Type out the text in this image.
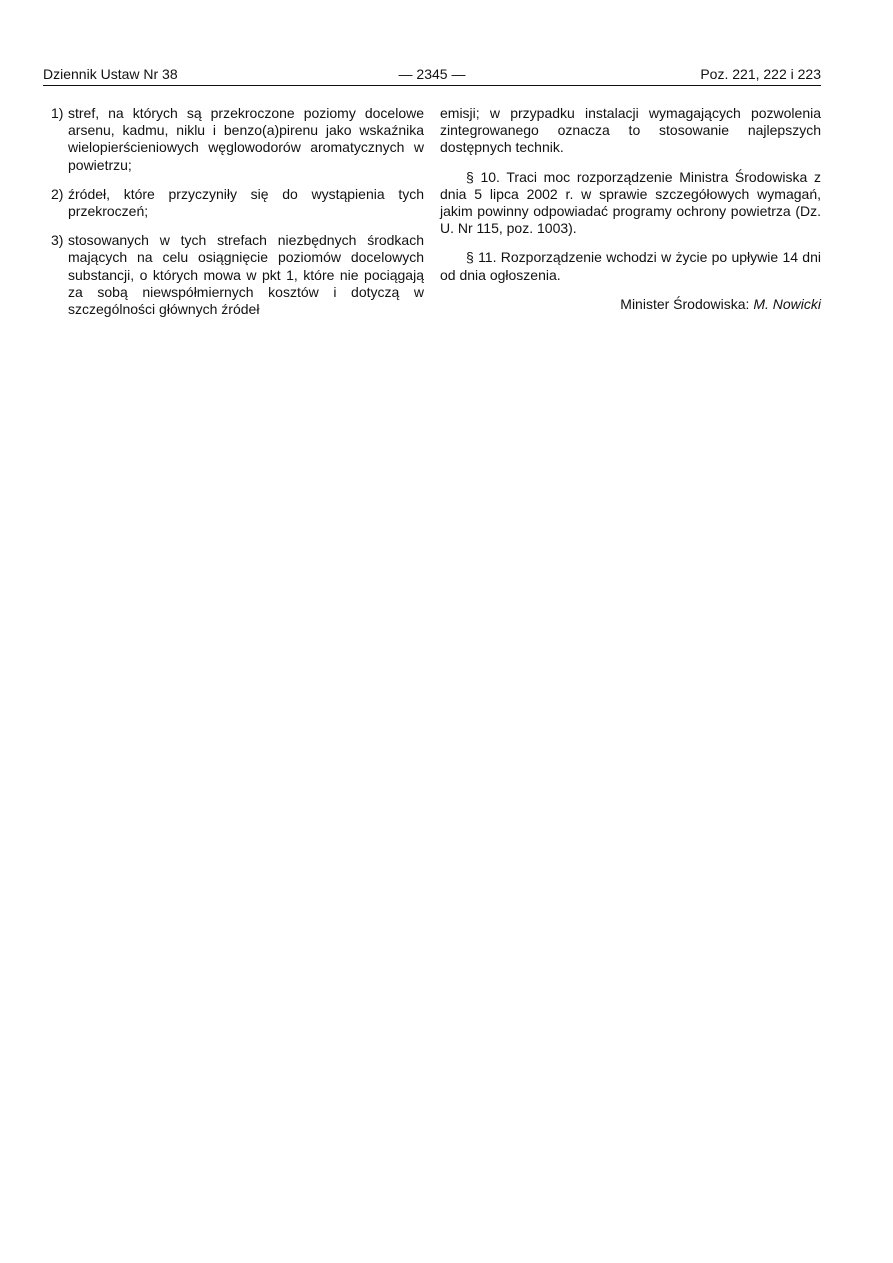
Dziennik Ustaw Nr 38	— 2345 —	Poz. 221, 222 i 223
1) stref, na których są przekroczone poziomy docelowe arsenu, kadmu, niklu i benzo(a)pirenu jako wskaźnika wielopierścieniowych węglowodorów aromatycznych w powietrzu;
2) źródeł, które przyczyniły się do wystąpienia tych przekroczeń;
3) stosowanych w tych strefach niezbędnych środkach mających na celu osiągnięcie poziomów docelowych substancji, o których mowa w pkt 1, które nie pociągają za sobą niewspółmiernych kosztów i dotyczą w szczególności głównych źródeł
emisji; w przypadku instalacji wymagających pozwolenia zintegrowanego oznacza to stosowanie najlepszych dostępnych technik.
§ 10. Traci moc rozporządzenie Ministra Środowiska z dnia 5 lipca 2002 r. w sprawie szczegółowych wymagań, jakim powinny odpowiadać programy ochrony powietrza (Dz. U. Nr 115, poz. 1003).
§ 11. Rozporządzenie wchodzi w życie po upływie 14 dni od dnia ogłoszenia.
Minister Środowiska: M. Nowicki
